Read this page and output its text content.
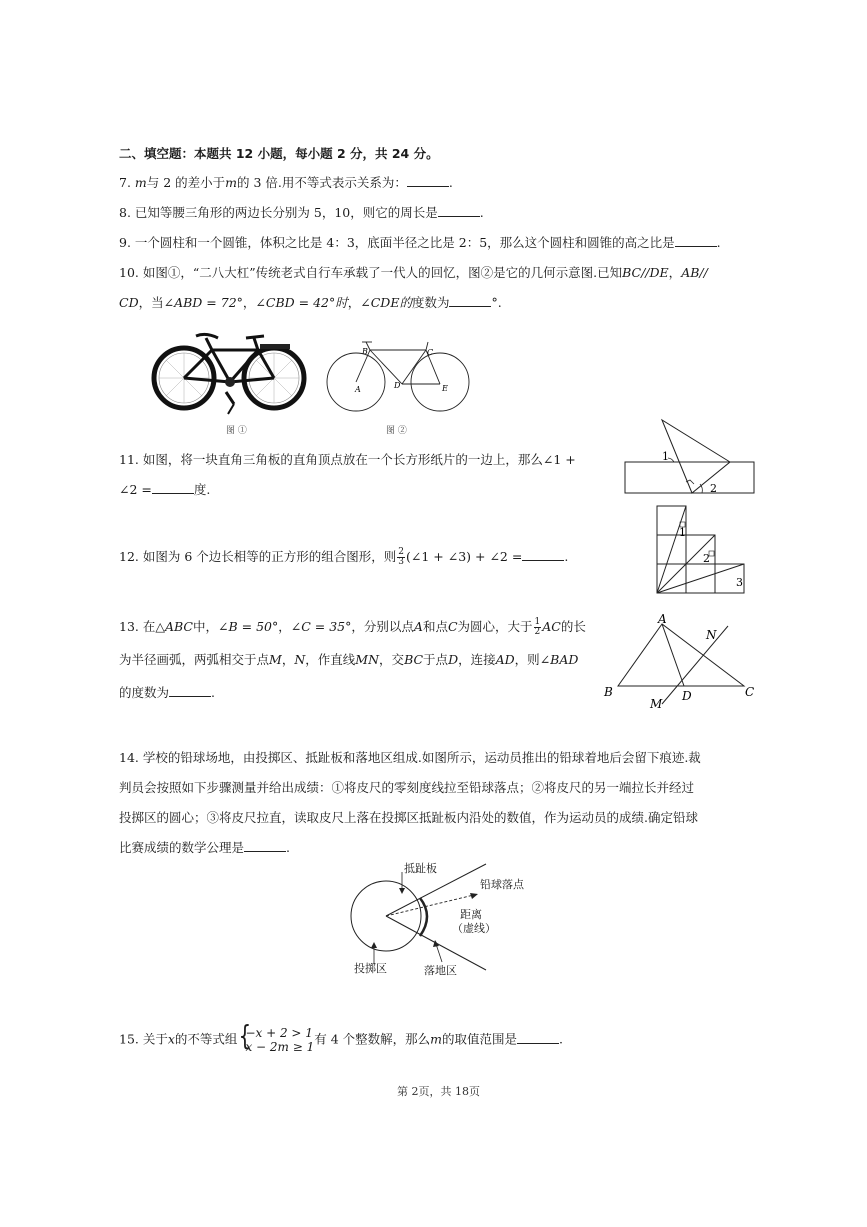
二、填空题：本题共 12 小题，每小题 2 分，共 24 分。
7. m与 2 的差小于m的 3 倍.用不等式表示关系为：	.
8. 已知等腰三角形的两边长分别为 5，10，则它的周长是	.
9. 一个圆柱和一个圆锥，体积之比是 4：3，底面半径之比是 2：5，那么这个圆柱和圆锥的高之比是	.
10. 如图①，“二八大杠”传统老式自行车承载了一代人的回忆，图②是它的几何示意图.已知BC//DE，AB//
CD，当∠ABD = 72°，∠CBD = 42°时，∠CDE的度数为	°.
图 ①
B	C
A	D	E
图 ②
11. 如图，将一块直角三角板的直角顶点放在一个长方形纸片的一边上，那么∠1 +
∠2 =	度.
1
2
12. 如图为 6 个边长相等的正方形的组合图形，则 $\frac{2}{3}$ (∠1 + ∠3) + ∠2 =	.
1
2
3
13. 在△ABC中，∠B = 50°，∠C = 35°，分别以点A和点C为圆心，大于 $\frac{1}{2}$ AC的长
为半径画弧，两弧相交于点M，N，作直线MN，交BC于点D，连接AD，则∠BAD
的度数为	.
A
N
B	D	C
M
14. 学校的铅球场地，由投掷区、抵趾板和落地区组成.如图所示，运动员推出的铅球着地后会留下痕迹.裁
判员会按照如下步骤测量并给出成绩：①将皮尺的零刻度线拉至铅球落点；②将皮尺的另一端拉长并经过
投掷区的圆心；③将皮尺拉直，读取皮尺上落在投掷区抵趾板内沿处的数值，作为运动员的成绩.确定铅球
比赛成绩的数学公理是	.
抵趾板
铅球落点
距离
（虚线）
投掷区	落地区
15. 关于x的不等式组 {
−x + 2 > 1
x − 2m ≥ 1
有 4 个整数解，那么m的取值范围是	.
第 2页，共 18页
